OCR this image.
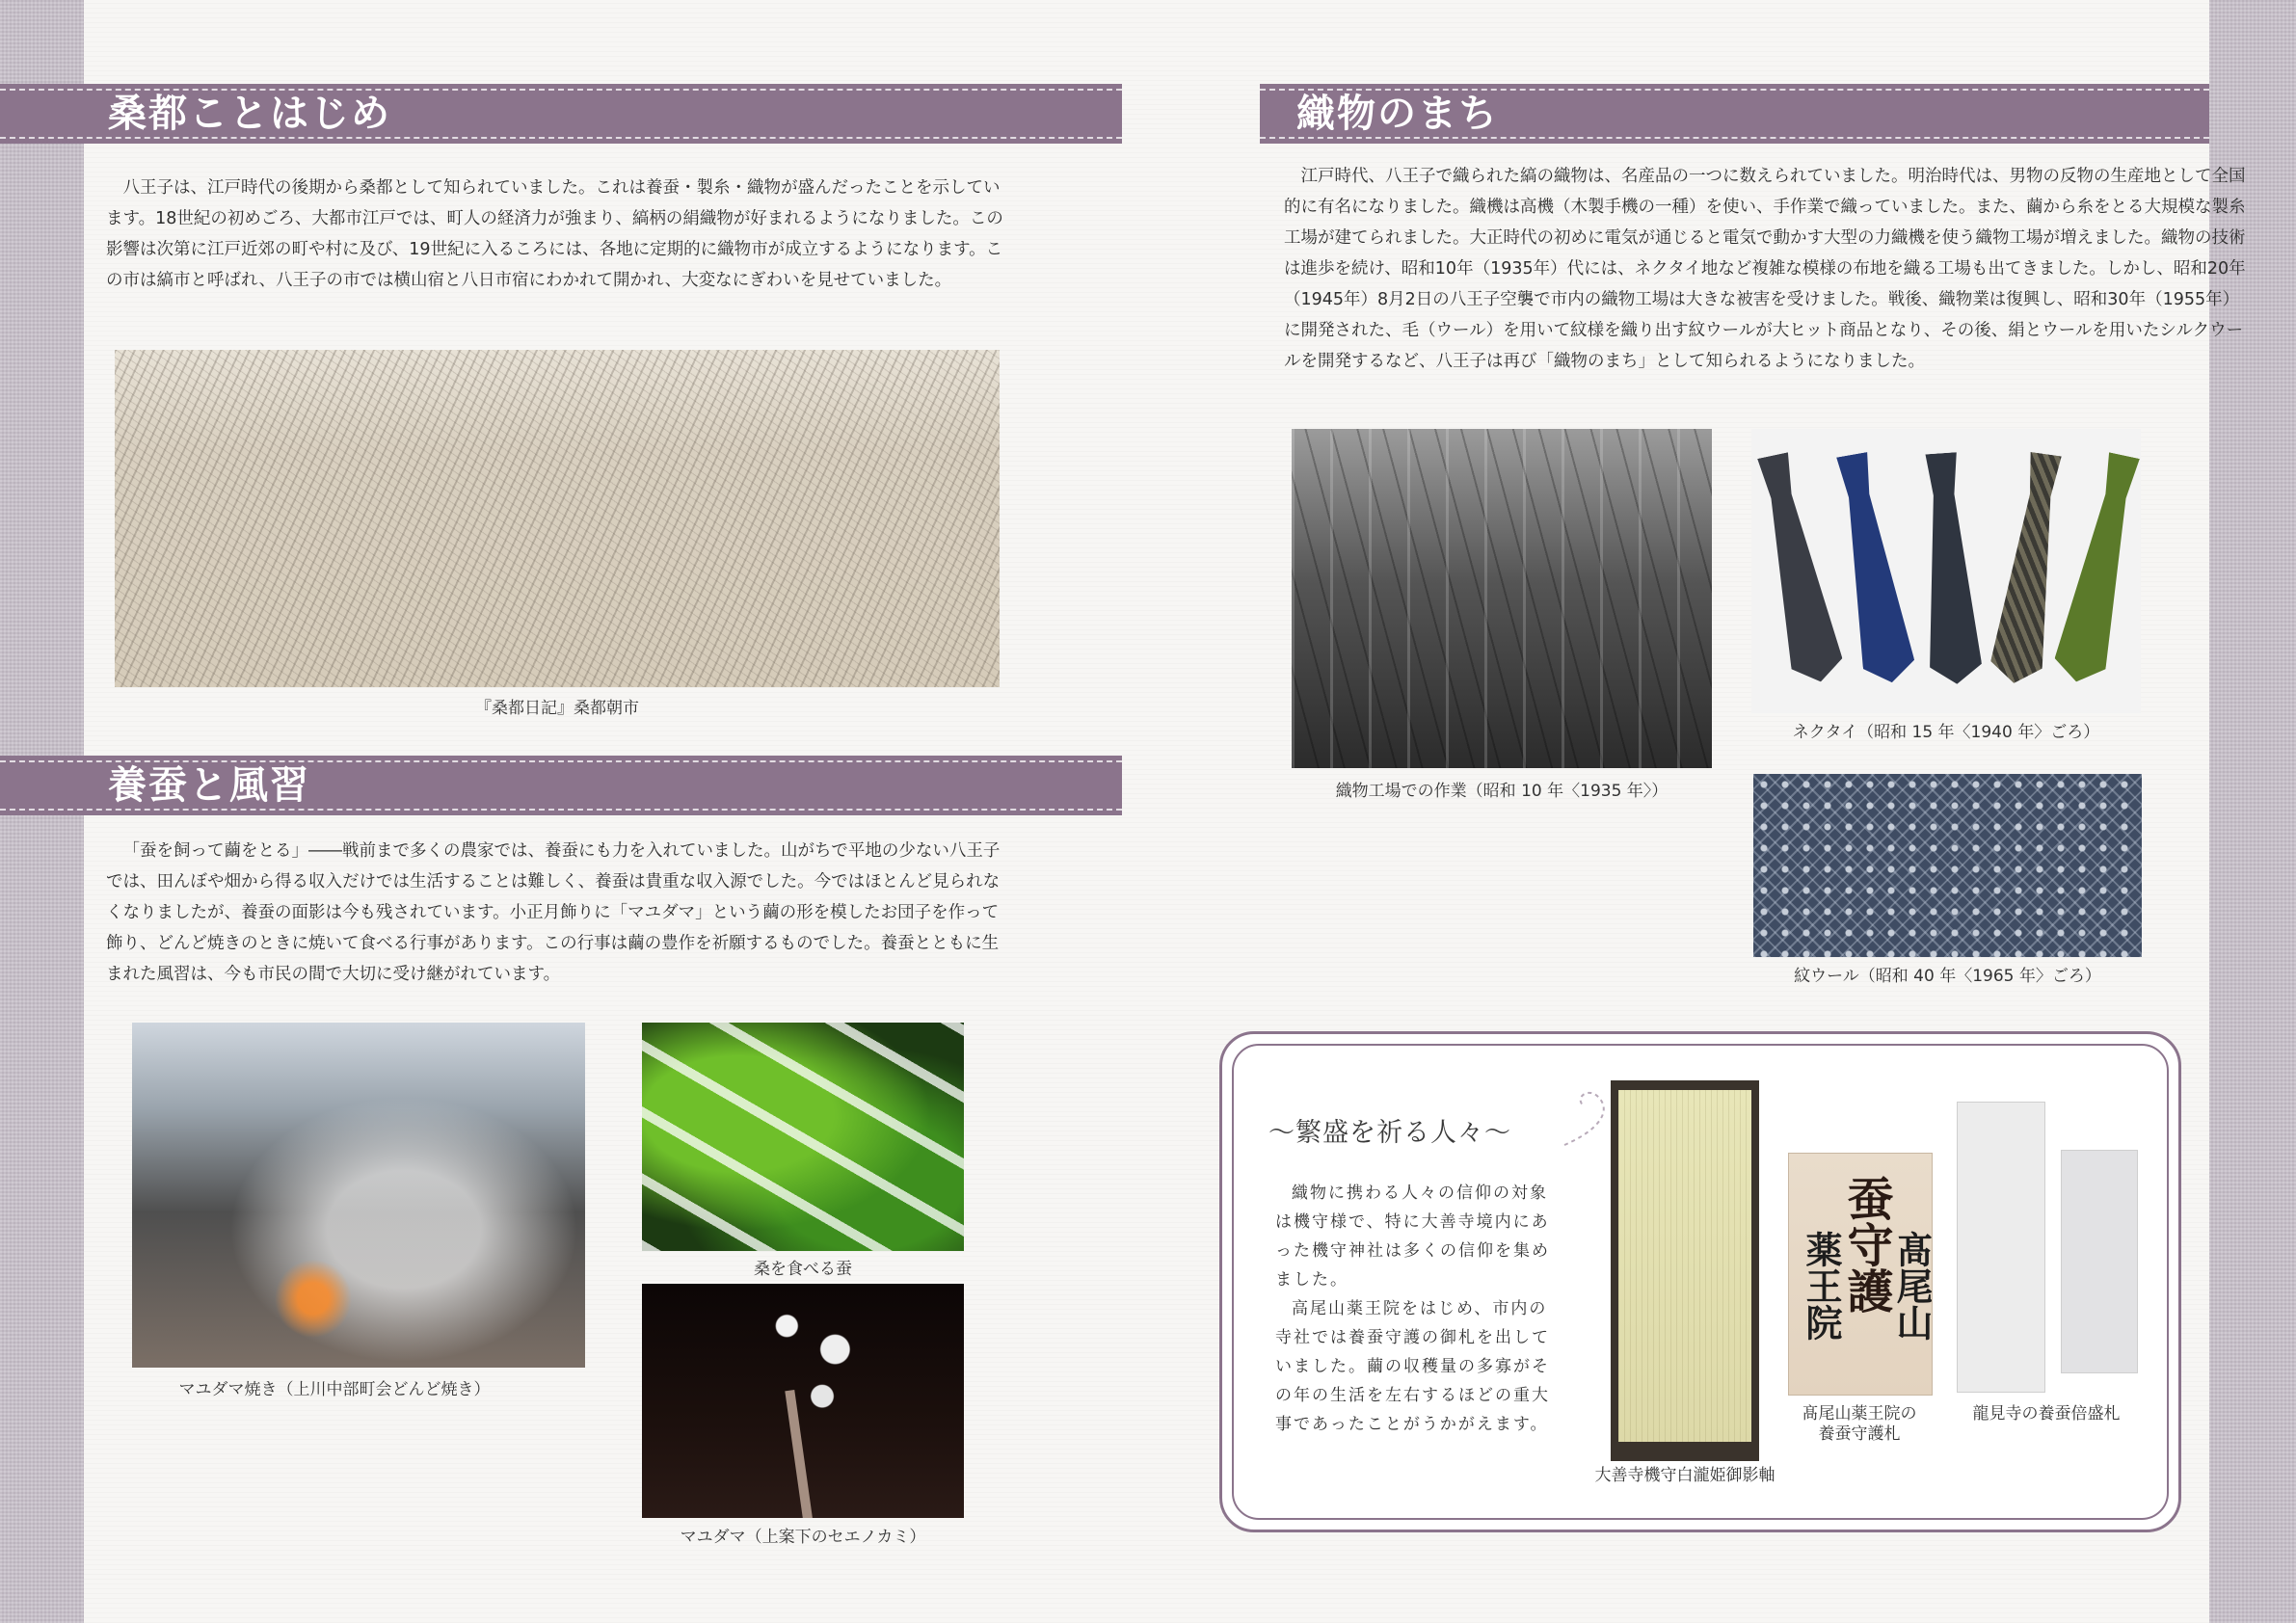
桑都ことはじめ

八王子は、江戸時代の後期から桑都として知られていました。これは養蚕・製糸・織物が盛んだったことを示しています。18世紀の初めごろ、大都市江戸では、町人の経済力が強まり、縞柄の絹織物が好まれるようになりました。この影響は次第に江戸近郊の町や村に及び、19世紀に入るころには、各地に定期的に織物市が成立するようになります。この市は縞市と呼ばれ、八王子の市では横山宿と八日市宿にわかれて開かれ、大変なにぎわいを見せていました。

『桑都日記』桑都朝市
養蚕と風習

「蚕を飼って繭をとる」――戦前まで多くの農家では、養蚕にも力を入れていました。山がちで平地の少ない八王子では、田んぼや畑から得る収入だけでは生活することは難しく、養蚕は貴重な収入源でした。今ではほとんど見られなくなりましたが、養蚕の面影は今も残されています。小正月飾りに「マユダマ」という繭の形を模したお団子を作って飾り、どんど焼きのときに焼いて食べる行事があります。この行事は繭の豊作を祈願するものでした。養蚕とともに生まれた風習は、今も市民の間で大切に受け継がれています。

マユダマ焼き（上川中部町会どんど焼き）
桑を食べる蚕
マユダマ（上案下のセエノカミ）
織物のまち

江戸時代、八王子で織られた縞の織物は、名産品の一つに数えられていました。明治時代は、男物の反物の生産地として全国的に有名になりました。織機は高機（木製手機の一種）を使い、手作業で織っていました。また、繭から糸をとる大規模な製糸工場が建てられました。大正時代の初めに電気が通じると電気で動かす大型の力織機を使う織物工場が増えました。織物の技術は進歩を続け、昭和10年（1935年）代には、ネクタイ地など複雑な模様の布地を織る工場も出てきました。しかし、昭和20年（1945年）8月2日の八王子空襲で市内の織物工場は大きな被害を受けました。戦後、織物業は復興し、昭和30年（1955年）に開発された、毛（ウール）を用いて紋様を織り出す紋ウールが大ヒット商品となり、その後、絹とウールを用いたシルクウールを開発するなど、八王子は再び「織物のまち」として知られるようになりました。

織物工場での作業（昭和 10 年〈1935 年〉）
ネクタイ（昭和 15 年〈1940 年〉ごろ）
紋ウール（昭和 40 年〈1965 年〉ごろ）
～繁盛を祈る人々～

織物に携わる人々の信仰の対象は機守様で、特に大善寺境内にあった機守神社は多くの信仰を集めました。

高尾山薬王院をはじめ、市内の寺社では養蚕守護の御札を出していました。繭の収穫量の多寡がその年の生活を左右するほどの重大事であったことがうかがえます。

大善寺機守白瀧姫御影軸
薬王院
蚕守護
髙尾山
髙尾山薬王院の
養蚕守護札
龍見寺の養蚕倍盛札
